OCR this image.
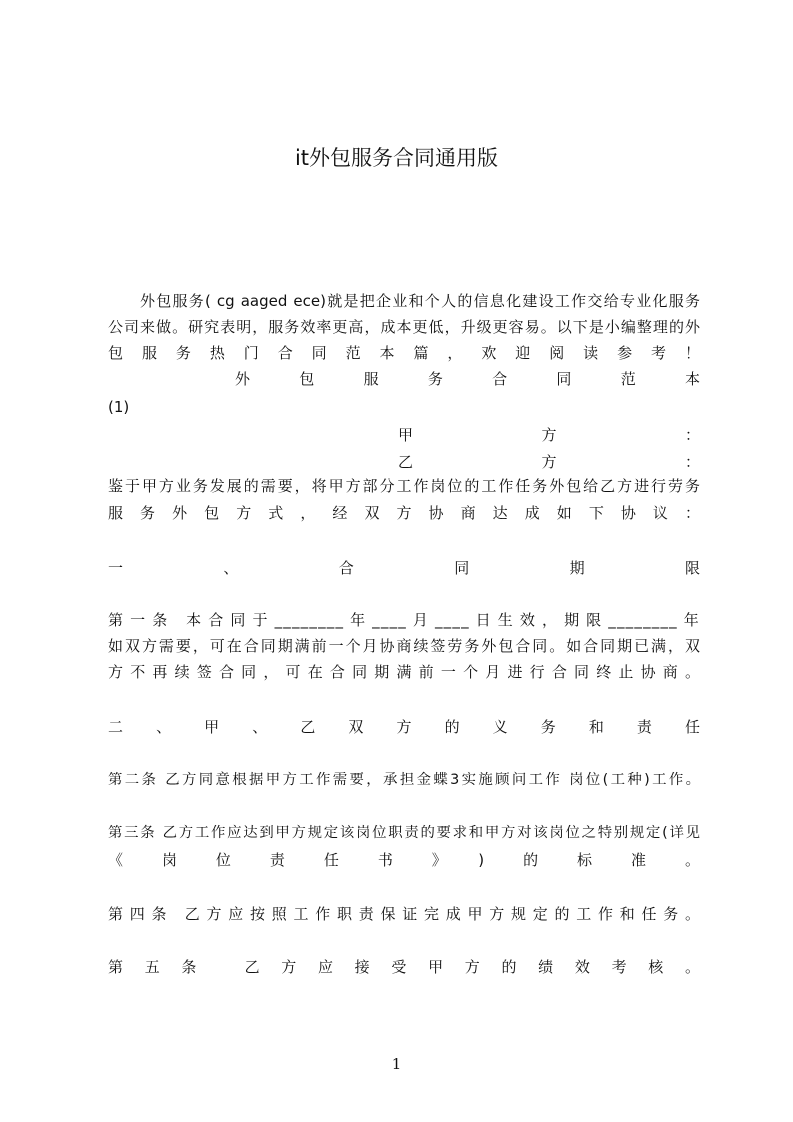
it外包服务合同通用版
外包服务( cg aaged ece)就是把企业和个人的信息化建设工作交给专业化服务
公司来做。研究表明，服务效率更高，成本更低，升级更容易。以下是小编整理的外
包服务热门合同范本篇，欢迎阅读参考！
外包服务合同范本
(1)
甲方：
乙方：
鉴于甲方业务发展的需要，将甲方部分工作岗位的工作任务外包给乙方进行劳务
服务外包方式，经双方协商达成如下协议：
一、合同期限
第一条 本合同于________年____月____日生效，期限________年
如双方需要，可在合同期满前一个月协商续签劳务外包合同。如合同期已满，双
方不再续签合同，可在合同期满前一个月进行合同终止协商。
二、甲、乙双方的义务和责任
第二条 乙方同意根据甲方工作需要，承担金蝶3实施顾问工作 岗位(工种)工作。
第三条 乙方工作应达到甲方规定该岗位职责的要求和甲方对该岗位之特别规定(详见
《岗位责任书》)的标准。
第四条 乙方应按照工作职责保证完成甲方规定的工作和任务。
第五条 乙方应接受甲方的绩效考核。
1
